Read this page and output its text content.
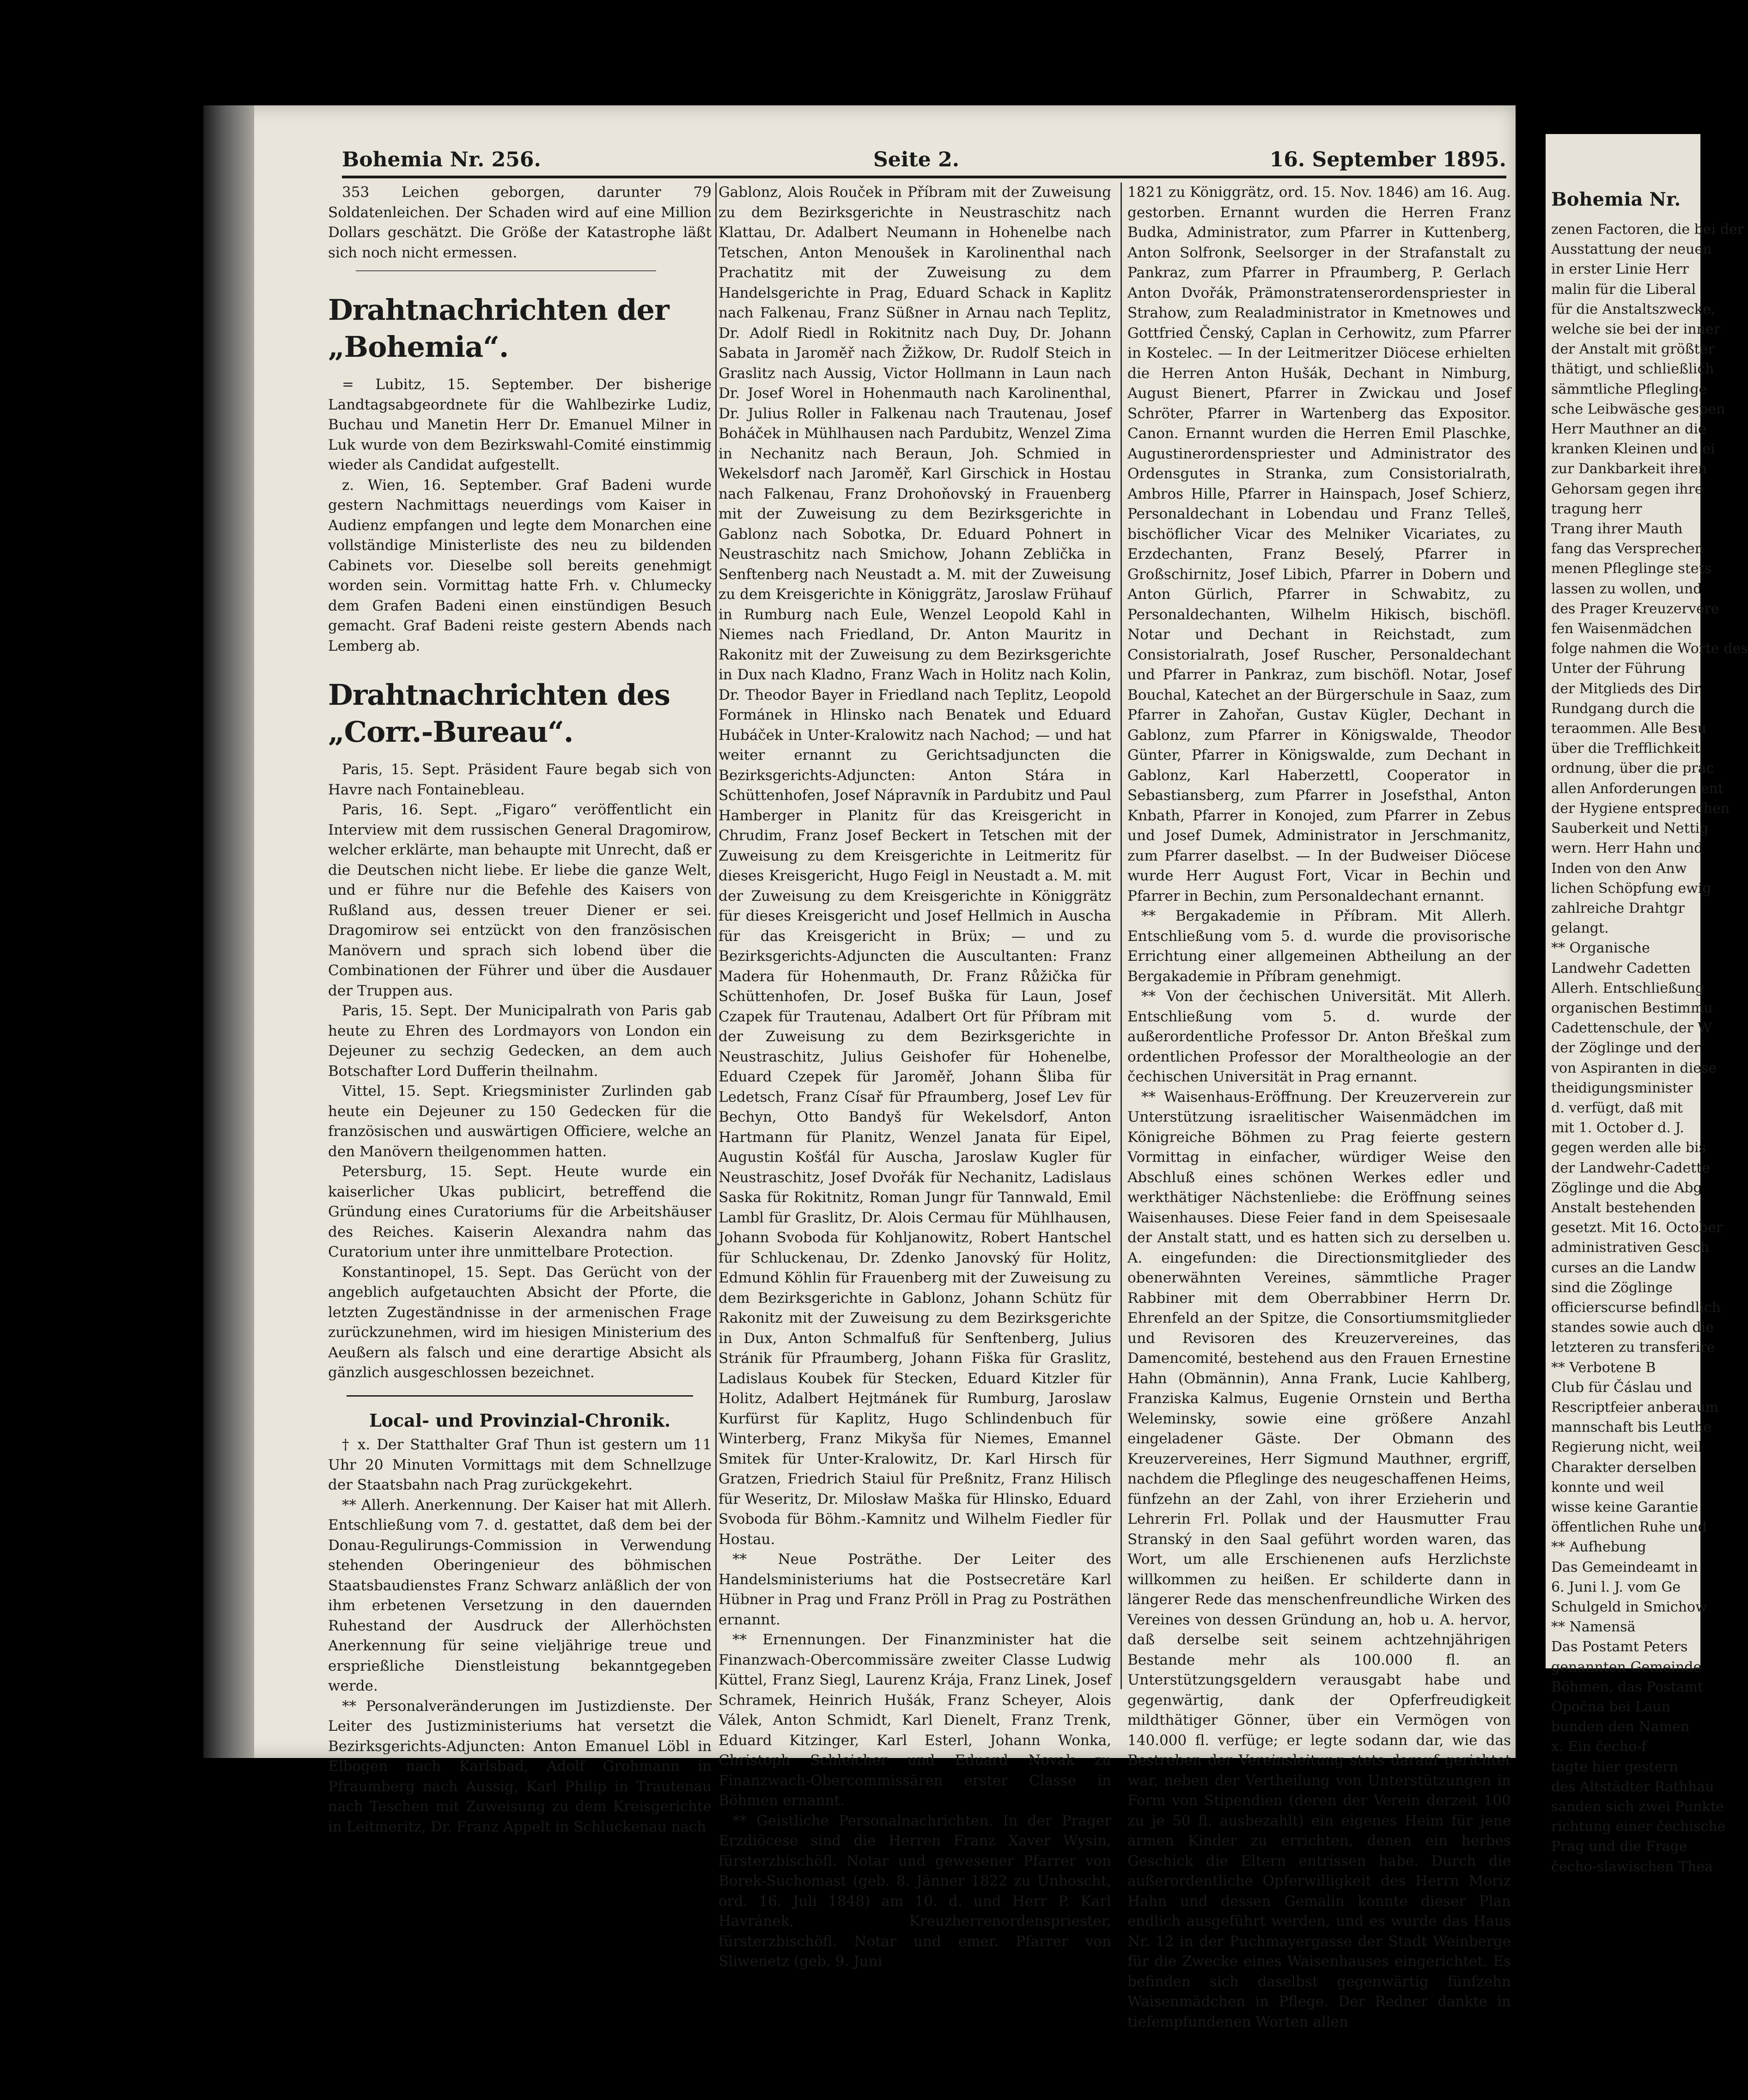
Bohemia Nr. 256.	Seite 2.	16. September 1895.

353 Leichen geborgen, darunter 79 Soldatenleichen. Der Schaden wird auf eine Million Dollars geschätzt. Die Größe der Katastrophe läßt sich noch nicht ermessen.

Drahtnachrichten der „Bohemia“.

= Lubitz, 15. September. Der bisherige Landtagsabgeordnete für die Wahlbezirke Ludiz, Buchau und Manetin Herr Dr. Emanuel Milner in Luk wurde von dem Bezirkswahl-Comité einstimmig wieder als Candidat aufgestellt.

z. Wien, 16. September. Graf Badeni wurde gestern Nachmittags neuerdings vom Kaiser in Audienz empfangen und legte dem Monarchen eine vollständige Ministerliste des neu zu bildenden Cabinets vor. Dieselbe soll bereits genehmigt worden sein. Vormittag hatte Frh. v. Chlumecky dem Grafen Badeni einen einstündigen Besuch gemacht. Graf Badeni reiste gestern Abends nach Lemberg ab.

Drahtnachrichten des „Corr.-Bureau“.

Paris, 15. Sept. Präsident Faure begab sich von Havre nach Fontainebleau.

Paris, 16. Sept. „Figaro“ veröffentlicht ein Interview mit dem russischen General Dragomirow, welcher erklärte, man behaupte mit Unrecht, daß er die Deutschen nicht liebe. Er liebe die ganze Welt, und er führe nur die Befehle des Kaisers von Rußland aus, dessen treuer Diener er sei. Dragomirow sei entzückt von den französischen Manövern und sprach sich lobend über die Combinationen der Führer und über die Ausdauer der Truppen aus.

Paris, 15. Sept. Der Municipalrath von Paris gab heute zu Ehren des Lordmayors von London ein Dejeuner zu sechzig Gedecken, an dem auch Botschafter Lord Dufferin theilnahm.

Vittel, 15. Sept. Kriegsminister Zurlinden gab heute ein Dejeuner zu 150 Gedecken für die französischen und auswärtigen Officiere, welche an den Manövern theilgenommen hatten.

Petersburg, 15. Sept. Heute wurde ein kaiserlicher Ukas publicirt, betreffend die Gründung eines Curatoriums für die Arbeitshäuser des Reiches. Kaiserin Alexandra nahm das Curatorium unter ihre unmittelbare Protection.

Konstantinopel, 15. Sept. Das Gerücht von der angeblich aufgetauchten Absicht der Pforte, die letzten Zugeständnisse in der armenischen Frage zurückzunehmen, wird im hiesigen Ministerium des Aeußern als falsch und eine derartige Absicht als gänzlich ausgeschlossen bezeichnet.

Local- und Provinzial-Chronik.

† x. Der Statthalter Graf Thun ist gestern um 11 Uhr 20 Minuten Vormittags mit dem Schnellzuge der Staatsbahn nach Prag zurückgekehrt.

** Allerh. Anerkennung. Der Kaiser hat mit Allerh. Entschließung vom 7. d. gestattet, daß dem bei der Donau-Regulirungs-Commission in Verwendung stehenden Oberingenieur des böhmischen Staatsbaudienstes Franz Schwarz anläßlich der von ihm erbetenen Versetzung in den dauernden Ruhestand der Ausdruck der Allerhöchsten Anerkennung für seine vieljährige treue und ersprießliche Dienstleistung bekanntgegeben werde.

** Personalveränderungen im Justizdienste. Der Leiter des Justizministeriums hat versetzt die Bezirksgerichts-Adjuncten: Anton Emanuel Löbl in Elbogen nach Karlsbad, Adolf Grohmann in Pfraumberg nach Aussig, Karl Philip in Trautenau nach Teschen mit Zuweisung zu dem Kreisgerichte in Leitmeritz, Dr. Franz Appelt in Schluckenau nach

Gablonz, Alois Rouček in Příbram mit der Zuweisung zu dem Bezirksgerichte in Neustraschitz nach Klattau, Dr. Adalbert Neumann in Hohenelbe nach Tetschen, Anton Menoušek in Karolinenthal nach Prachatitz mit der Zuweisung zu dem Handelsgerichte in Prag, Eduard Schack in Kaplitz nach Falkenau, Franz Süßner in Arnau nach Teplitz, Dr. Adolf Riedl in Rokitnitz nach Duy, Dr. Johann Sabata in Jaroměř nach Žižkow, Dr. Rudolf Steich in Graslitz nach Aussig, Victor Hollmann in Laun nach Dr. Josef Worel in Hohenmauth nach Karolinenthal, Dr. Julius Roller in Falkenau nach Trautenau, Josef Boháček in Mühlhausen nach Pardubitz, Wenzel Zima in Nechanitz nach Beraun, Joh. Schmied in Wekelsdorf nach Jaroměř, Karl Girschick in Hostau nach Falkenau, Franz Drohoňovský in Frauenberg mit der Zuweisung zu dem Bezirksgerichte in Gablonz nach Sobotka, Dr. Eduard Pohnert in Neustraschitz nach Smichow, Johann Zeblička in Senftenberg nach Neustadt a. M. mit der Zuweisung zu dem Kreisgerichte in Königgrätz, Jaroslaw Frühauf in Rumburg nach Eule, Wenzel Leopold Kahl in Niemes nach Friedland, Dr. Anton Mauritz in Rakonitz mit der Zuweisung zu dem Bezirksgerichte in Dux nach Kladno, Franz Wach in Holitz nach Kolin, Dr. Theodor Bayer in Friedland nach Teplitz, Leopold Formánek in Hlinsko nach Benatek und Eduard Hubáček in Unter-Kralowitz nach Nachod; — und hat weiter ernannt zu Gerichtsadjuncten die Bezirksgerichts-Adjuncten: Anton Stára in Schüttenhofen, Josef Nápravník in Pardubitz und Paul Hamberger in Planitz für das Kreisgericht in Chrudim, Franz Josef Beckert in Tetschen mit der Zuweisung zu dem Kreisgerichte in Leitmeritz für dieses Kreisgericht, Hugo Feigl in Neustadt a. M. mit der Zuweisung zu dem Kreisgerichte in Königgrätz für dieses Kreisgericht und Josef Hellmich in Auscha für das Kreisgericht in Brüx; — und zu Bezirksgerichts-Adjuncten die Auscultanten: Franz Madera für Hohenmauth, Dr. Franz Růžička für Schüttenhofen, Dr. Josef Buška für Laun, Josef Czapek für Trautenau, Adalbert Ort für Příbram mit der Zuweisung zu dem Bezirksgerichte in Neustraschitz, Julius Geishofer für Hohenelbe, Eduard Czepek für Jaroměř, Johann Šliba für Ledetsch, Franz Císař für Pfraumberg, Josef Lev für Bechyn, Otto Bandyš für Wekelsdorf, Anton Hartmann für Planitz, Wenzel Janata für Eipel, Augustin Košťál für Auscha, Jaroslaw Kugler für Neustraschitz, Josef Dvořák für Nechanitz, Ladislaus Saska für Rokitnitz, Roman Jungr für Tannwald, Emil Lambl für Graslitz, Dr. Alois Cermau für Mühlhausen, Johann Svoboda für Kohljanowitz, Robert Hantschel für Schluckenau, Dr. Zdenko Janovský für Holitz, Edmund Köhlin für Frauenberg mit der Zuweisung zu dem Bezirksgerichte in Gablonz, Johann Schütz für Rakonitz mit der Zuweisung zu dem Bezirksgerichte in Dux, Anton Schmalfuß für Senftenberg, Julius Stránik für Pfraumberg, Johann Fiška für Graslitz, Ladislaus Koubek für Stecken, Eduard Kitzler für Holitz, Adalbert Hejtmánek für Rumburg, Jaroslaw Kurfürst für Kaplitz, Hugo Schlindenbuch für Winterberg, Franz Mikyša für Niemes, Emannel Smitek für Unter-Kralowitz, Dr. Karl Hirsch für Gratzen, Friedrich Staiul für Preßnitz, Franz Hilisch für Weseritz, Dr. Milosław Maška für Hlinsko, Eduard Svoboda für Böhm.-Kamnitz und Wilhelm Fiedler für Hostau.

** Neue Posträthe. Der Leiter des Handelsministeriums hat die Postsecretäre Karl Hübner in Prag und Franz Pröll in Prag zu Posträthen ernannt.

** Ernennungen. Der Finanzminister hat die Finanzwach-Obercommissäre zweiter Classe Ludwig Küttel, Franz Siegl, Laurenz Krája, Franz Linek, Josef Schramek, Heinrich Hušák, Franz Scheyer, Alois Válek, Anton Schmidt, Karl Dienelt, Franz Trenk, Eduard Kitzinger, Karl Esterl, Johann Wonka, Christoph Schleicher und Eduard Novak zu Finanzwach-Obercommissären erster Classe in Böhmen ernannt.

** Geistliche Personalnachrichten. In der Prager Erzdiöcese sind die Herren Franz Xaver Wysin, fürsterzbischöfl. Notar und gewesener Pfarrer von Borek-Suchomast (geb. 8. Jänner 1822 zu Unhoscht, ord. 16. Juli 1848) am 10. d. und Herr P. Karl Havránek, Kreuzherrenordenspriester, fürsterzbischöfl. Notar und emer. Pfarrer von Sliwenetz (geb. 9. Juni

1821 zu Königgrätz, ord. 15. Nov. 1846) am 16. Aug. gestorben. Ernannt wurden die Herren Franz Budka, Administrator, zum Pfarrer in Kuttenberg, Anton Solfronk, Seelsorger in der Strafanstalt zu Pankraz, zum Pfarrer in Pfraumberg, P. Gerlach Anton Dvořák, Prämonstratenserordenspriester in Strahow, zum Realadministrator in Kmetnowes und Gottfried Čenský, Caplan in Cerhowitz, zum Pfarrer in Kostelec. — In der Leitmeritzer Diöcese erhielten die Herren Anton Hušák, Dechant in Nimburg, August Bienert, Pfarrer in Zwickau und Josef Schröter, Pfarrer in Wartenberg das Expositor. Canon. Ernannt wurden die Herren Emil Plaschke, Augustinerordenspriester und Administrator des Ordensgutes in Stranka, zum Consistorialrath, Ambros Hille, Pfarrer in Hainspach, Josef Schierz, Personaldechant in Lobendau und Franz Telleš, bischöflicher Vicar des Melniker Vicariates, zu Erzdechanten, Franz Beselý, Pfarrer in Großschirnitz, Josef Libich, Pfarrer in Dobern und Anton Gürlich, Pfarrer in Schwabitz, zu Personaldechanten, Wilhelm Hikisch, bischöfl. Notar und Dechant in Reichstadt, zum Consistorialrath, Josef Ruscher, Personaldechant und Pfarrer in Pankraz, zum bischöfl. Notar, Josef Bouchal, Katechet an der Bürgerschule in Saaz, zum Pfarrer in Zahořan, Gustav Kügler, Dechant in Gablonz, zum Pfarrer in Königswalde, Theodor Günter, Pfarrer in Königswalde, zum Dechant in Gablonz, Karl Haberzettl, Cooperator in Sebastiansberg, zum Pfarrer in Josefsthal, Anton Knbath, Pfarrer in Konojed, zum Pfarrer in Zebus und Josef Dumek, Administrator in Jerschmanitz, zum Pfarrer daselbst. — In der Budweiser Diöcese wurde Herr August Fort, Vicar in Bechin und Pfarrer in Bechin, zum Personaldechant ernannt.

** Bergakademie in Příbram. Mit Allerh. Entschließung vom 5. d. wurde die provisorische Errichtung einer allgemeinen Abtheilung an der Bergakademie in Příbram genehmigt.

** Von der čechischen Universität. Mit Allerh. Entschließung vom 5. d. wurde der außerordentliche Professor Dr. Anton Břeškal zum ordentlichen Professor der Moraltheologie an der čechischen Universität in Prag ernannt.

** Waisenhaus-Eröffnung. Der Kreuzerverein zur Unterstützung israelitischer Waisenmädchen im Königreiche Böhmen zu Prag feierte gestern Vormittag in einfacher, würdiger Weise den Abschluß eines schönen Werkes edler und werkthätiger Nächstenliebe: die Eröffnung seines Waisenhauses. Diese Feier fand in dem Speisesaale der Anstalt statt, und es hatten sich zu derselben u. A. eingefunden: die Directionsmitglieder des obenerwähnten Vereines, sämmtliche Prager Rabbiner mit dem Oberrabbiner Herrn Dr. Ehrenfeld an der Spitze, die Consortiumsmitglieder und Revisoren des Kreuzervereines, das Damencomité, bestehend aus den Frauen Ernestine Hahn (Obmännin), Anna Frank, Lucie Kahlberg, Franziska Kalmus, Eugenie Ornstein und Bertha Weleminsky, sowie eine größere Anzahl eingeladener Gäste. Der Obmann des Kreuzervereines, Herr Sigmund Mauthner, ergriff, nachdem die Pfleglinge des neugeschaffenen Heims, fünfzehn an der Zahl, von ihrer Erzieherin und Lehrerin Frl. Pollak und der Hausmutter Frau Stranský in den Saal geführt worden waren, das Wort, um alle Erschienenen aufs Herzlichste willkommen zu heißen. Er schilderte dann in längerer Rede das menschenfreundliche Wirken des Vereines von dessen Gründung an, hob u. A. hervor, daß derselbe seit seinem achtzehnjährigen Bestande mehr als 100.000 fl. an Unterstützungsgeldern verausgabt habe und gegenwärtig, dank der Opferfreudigkeit mildthätiger Gönner, über ein Vermögen von 140.000 fl. verfüge; er legte sodann dar, wie das Bestreben der Vereinsleitung stets darauf gerichtet war, neben der Vertheilung von Unterstützungen in Form von Stipendien (deren der Verein derzeit 100 zu je 50 fl. ausbezahlt) ein eigenes Heim für jene armen Kinder zu errichten, denen ein herbes Geschick die Eltern entrissen habe. Durch die außerordentliche Opferwilligkeit des Herrn Moriz Hahn und dessen Gemalin konnte dieser Plan endlich ausgeführt werden, und es wurde das Haus Nr. 12 in der Puchmayergasse der Stadt Weinberge für die Zwecke eines Waisenhauses eingerichtet. Es befinden sich daselbst gegenwärtig fünfzehn Waisenmädchen in Pflege. Der Redner dankte in tiefempfundenen Worten allen

Bohemia Nr.
zenen Factoren, die bei der
Ausstattung der neuen
in erster Linie Herr
malin für die Liberal
für die Anstaltszwecke,
welche sie bei der inner
der Anstalt mit größter
thätigt, und schließlich
sämmtliche Pfleglinge
sche Leibwäsche gespen
Herr Mauthner an die
kranken Kleinen und ei
zur Dankbarkeit ihren
Gehorsam gegen ihre
tragung herr
Trang ihrer Mauth
fang das Versprechen
menen Pfleglinge stets
lassen zu wollen, und
des Prager Kreuzervere
fen Waisenmädchen
folge nahmen die Worte des
Unter der Führung
der Mitglieds des Dir
Rundgang durch die
teraommen. Alle Besu
über die Trefflichkeit
ordnung, über die prac
allen Anforderungen ent
der Hygiene entsprechen
Sauberkeit und Nettig
wern. Herr Hahn und
Inden von den Anw
lichen Schöpfung ewig
zahlreiche Drahtgr
gelangt.
** Organische
Landwehr Cadetten
Allerh. Entschließung
organischen Bestimmu
Cadettenschule, der W
der Zöglinge und der
von Aspiranten in diese
theidigungsminister
d. verfügt, daß mit
mit 1. October d. J.
gegen werden alle bis
der Landwehr-Cadette
Zöglinge und die Abg
Anstalt bestehenden
gesetzt. Mit 16. October
administrativen Gesch
curses an die Landw
sind die Zöglinge
officierscurse befindlich
standes sowie auch die
letzteren zu transferire
** Verbotene B
Club für Čáslau und
Rescriptfeier anberaum
mannschaft bis Leuthe
Regierung nicht, weil
Charakter derselben
konnte und weil
wisse keine Garantie
öffentlichen Ruhe und
** Aufhebung
Das Gemeindeamt in
6. Juni l. J. vom Ge
Schulgeld in Smichow
** Namensä
Das Postamt Peters
genannten Gemeinde
Böhmen, das Postamt
Opočna bei Laun
bunden den Namen
x. Ein čecho-f
tagte hier gestern
des Altstädter Rathhau
sanden sich zwei Punkte
richtung einer čechische
Prag und die Frage
čecho-slawischen Thea
